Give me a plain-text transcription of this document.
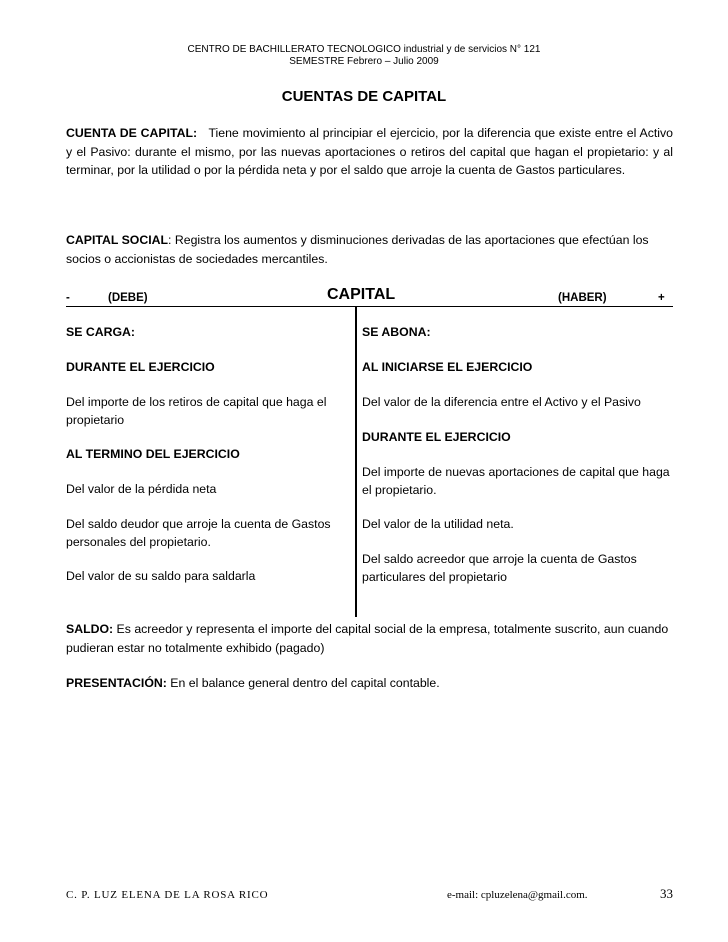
CENTRO DE BACHILLERATO TECNOLOGICO industrial y de servicios N° 121
SEMESTRE Febrero – Julio 2009
CUENTAS DE CAPITAL
CUENTA DE CAPITAL: Tiene movimiento al principiar el ejercicio, por la diferencia que existe entre el Activo y el Pasivo: durante el mismo, por las nuevas aportaciones o retiros del capital que hagan el propietario: y al terminar, por la utilidad o por la pérdida neta y por el saldo que arroje la cuenta de Gastos particulares.
CAPITAL SOCIAL: Registra los aumentos y disminuciones derivadas de las aportaciones que efectúan los socios o accionistas de sociedades mercantiles.
-	(DEBE)	CAPITAL	(HABER)	+
SE CARGA:
DURANTE EL EJERCICIO
Del importe de los retiros de capital que haga el propietario
AL TERMINO DEL EJERCICIO
Del valor de la pérdida neta
Del saldo deudor que arroje la cuenta de Gastos personales del propietario.
Del valor de su saldo para saldarla
SE ABONA:
AL INICIARSE EL EJERCICIO
Del valor de la diferencia entre el Activo y el Pasivo
DURANTE EL EJERCICIO
Del importe de nuevas aportaciones de capital que haga el propietario.
Del valor de la utilidad neta.
Del saldo acreedor que arroje la cuenta de Gastos particulares del propietario
SALDO: Es acreedor y representa el importe del capital social de la empresa, totalmente suscrito, aun cuando pudieran estar no totalmente exhibido (pagado)
PRESENTACIÓN: En el balance general dentro del capital contable.
C. P. LUZ ELENA DE LA ROSA RICO	e-mail: cpluzelena@gmail.com.	33
